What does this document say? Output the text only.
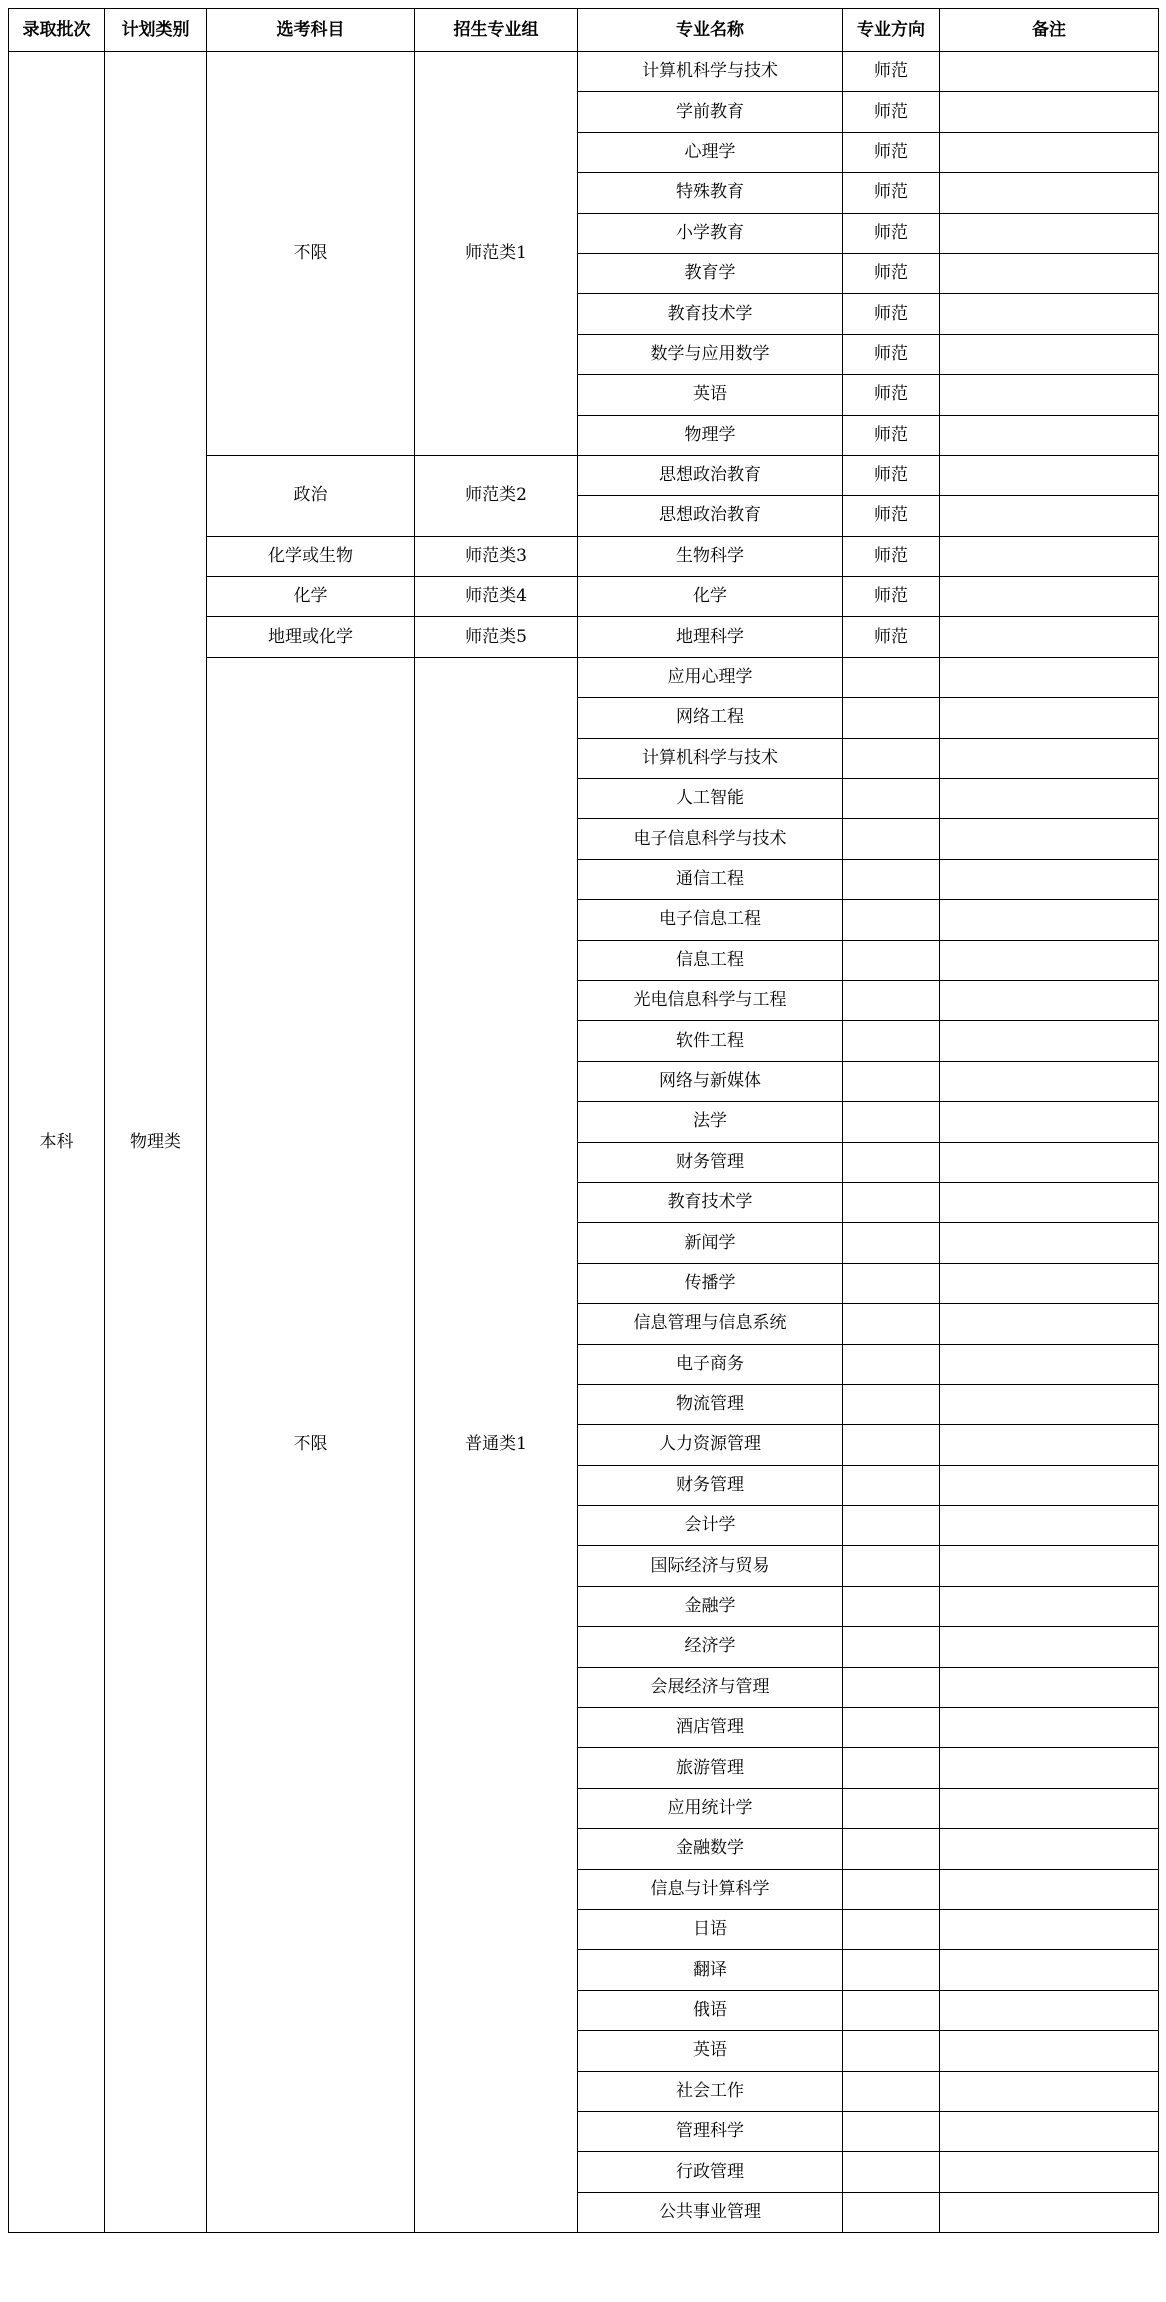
录取批次	计划类别	选考科目	招生专业组	专业名称	专业方向	备注
本科	物理类	不限	师范类1	计算机科学与技术	师范	
				学前教育	师范	
				心理学	师范	
				特殊教育	师范	
				小学教育	师范	
				教育学	师范	
				教育技术学	师范	
				数学与应用数学	师范	
				英语	师范	
				物理学	师范	
		政治	师范类2	思想政治教育	师范	
				思想政治教育	师范	
		化学或生物	师范类3	生物科学	师范	
		化学	师范类4	化学	师范	
		地理或化学	师范类5	地理科学	师范	
		不限	普通类1	应用心理学		
				网络工程		
				计算机科学与技术		
				人工智能		
				电子信息科学与技术		
				通信工程		
				电子信息工程		
				信息工程		
				光电信息科学与工程		
				软件工程		
				网络与新媒体		
				法学		
				财务管理		
				教育技术学		
				新闻学		
				传播学		
				信息管理与信息系统		
				电子商务		
				物流管理		
				人力资源管理		
				财务管理		
				会计学		
				国际经济与贸易		
				金融学		
				经济学		
				会展经济与管理		
				酒店管理		
				旅游管理		
				应用统计学		
				金融数学		
				信息与计算科学		
				日语		
				翻译		
				俄语		
				英语		
				社会工作		
				管理科学		
				行政管理		
				公共事业管理		
